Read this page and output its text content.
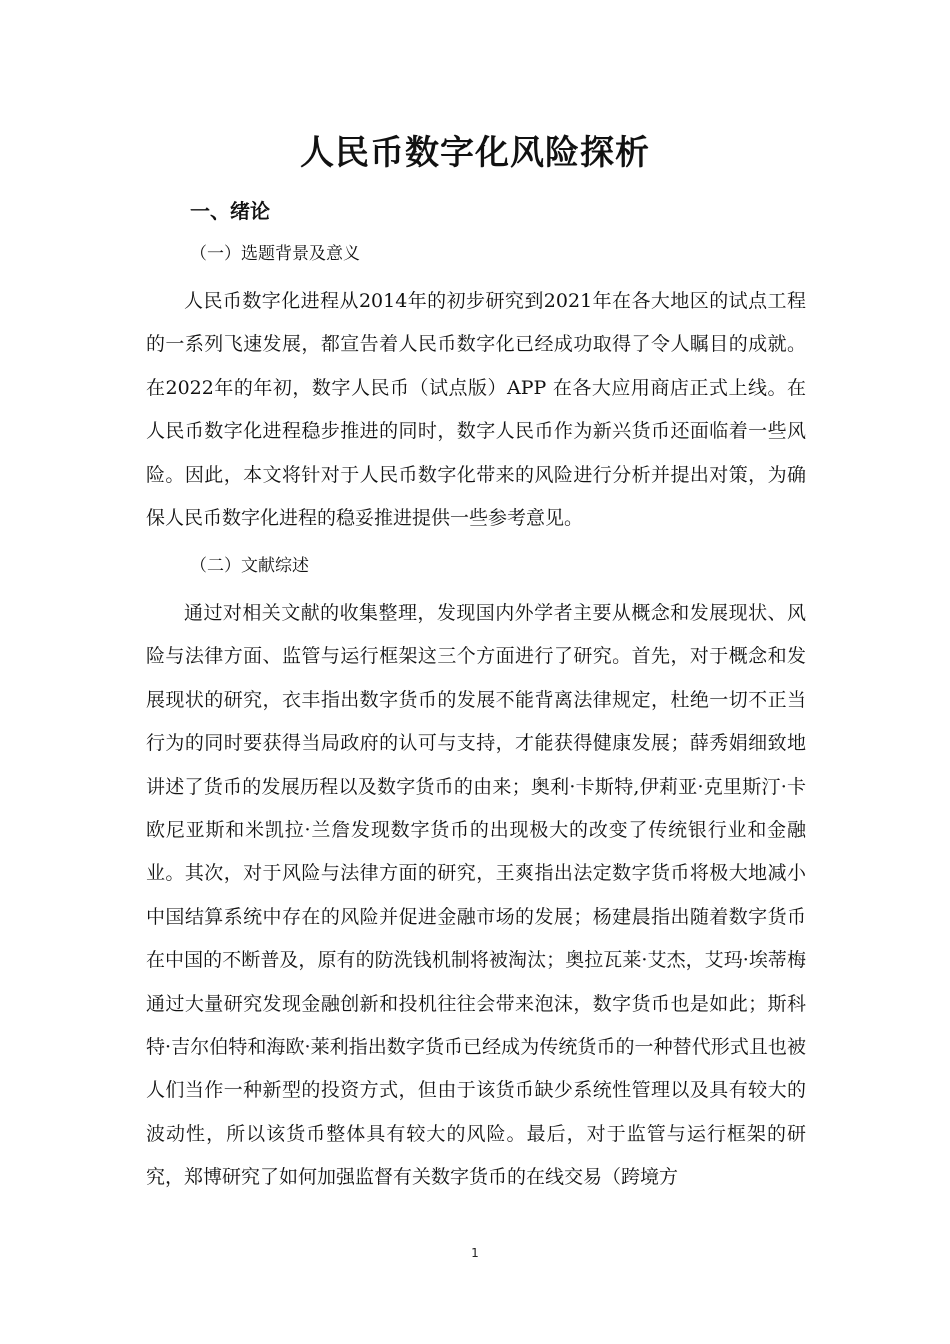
人民币数字化风险探析
一、绪论
（一）选题背景及意义

人民币数字化进程从2014年的初步研究到2021年在各大地区的试点工程的一系列飞速发展，都宣告着人民币数字化已经成功取得了令人瞩目的成就。在2022年的年初，数字人民币（试点版）APP 在各大应用商店正式上线。在人民币数字化进程稳步推进的同时，数字人民币作为新兴货币还面临着一些风险。因此，本文将针对于人民币数字化带来的风险进行分析并提出对策，为确保人民币数字化进程的稳妥推进提供一些参考意见。

（二）文献综述

通过对相关文献的收集整理，发现国内外学者主要从概念和发展现状、风险与法律方面、监管与运行框架这三个方面进行了研究。首先，对于概念和发展现状的研究，衣丰指出数字货币的发展不能背离法律规定，杜绝一切不正当行为的同时要获得当局政府的认可与支持，才能获得健康发展；薛秀娟细致地讲述了货币的发展历程以及数字货币的由来；奥利·卡斯特,伊莉亚·克里斯汀·卡欧尼亚斯和米凯拉·兰詹发现数字货币的出现极大的改变了传统银行业和金融业。其次，对于风险与法律方面的研究，王爽指出法定数字货币将极大地减小中国结算系统中存在的风险并促进金融市场的发展；杨建晨指出随着数字货币在中国的不断普及，原有的防洗钱机制将被淘汰；奥拉瓦莱·艾杰，艾玛·埃蒂梅通过大量研究发现金融创新和投机往往会带来泡沫，数字货币也是如此；斯科特·吉尔伯特和海欧·莱利指出数字货币已经成为传统货币的一种替代形式且也被人们当作一种新型的投资方式，但由于该货币缺少系统性管理以及具有较大的波动性，所以该货币整体具有较大的风险。最后，对于监管与运行框架的研究，郑博研究了如何加强监督有关数字货币的在线交易（跨境方

1
